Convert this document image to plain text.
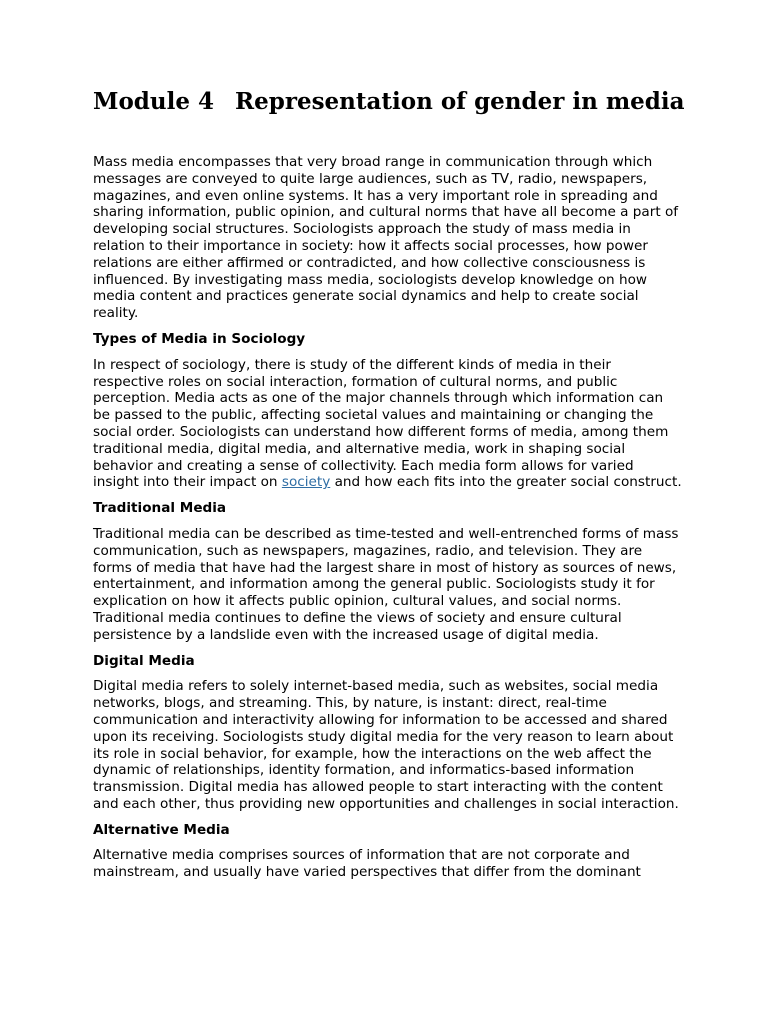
Module 4 Representation of gender in media

Mass media encompasses that very broad range in communication through which messages are conveyed to quite large audiences, such as TV, radio, newspapers, magazines, and even online systems. It has a very important role in spreading and sharing information, public opinion, and cultural norms that have all become a part of developing social structures. Sociologists approach the study of mass media in relation to their importance in society: how it affects social processes, how power relations are either affirmed or contradicted, and how collective consciousness is influenced. By investigating mass media, sociologists develop knowledge on how media content and practices generate social dynamics and help to create social reality.

Types of Media in Sociology

In respect of sociology, there is study of the different kinds of media in their respective roles on social interaction, formation of cultural norms, and public perception. Media acts as one of the major channels through which information can be passed to the public, affecting societal values and maintaining or changing the social order. Sociologists can understand how different forms of media, among them traditional media, digital media, and alternative media, work in shaping social behavior and creating a sense of collectivity. Each media form allows for varied insight into their impact on society and how each fits into the greater social construct.

Traditional Media

Traditional media can be described as time-tested and well-entrenched forms of mass communication, such as newspapers, magazines, radio, and television. They are forms of media that have had the largest share in most of history as sources of news, entertainment, and information among the general public. Sociologists study it for explication on how it affects public opinion, cultural values, and social norms. Traditional media continues to define the views of society and ensure cultural persistence by a landslide even with the increased usage of digital media.

Digital Media

Digital media refers to solely internet-based media, such as websites, social media networks, blogs, and streaming. This, by nature, is instant: direct, real-time communication and interactivity allowing for information to be accessed and shared upon its receiving. Sociologists study digital media for the very reason to learn about its role in social behavior, for example, how the interactions on the web affect the dynamic of relationships, identity formation, and informatics-based information transmission. Digital media has allowed people to start interacting with the content and each other, thus providing new opportunities and challenges in social interaction.

Alternative Media

Alternative media comprises sources of information that are not corporate and mainstream, and usually have varied perspectives that differ from the dominant
